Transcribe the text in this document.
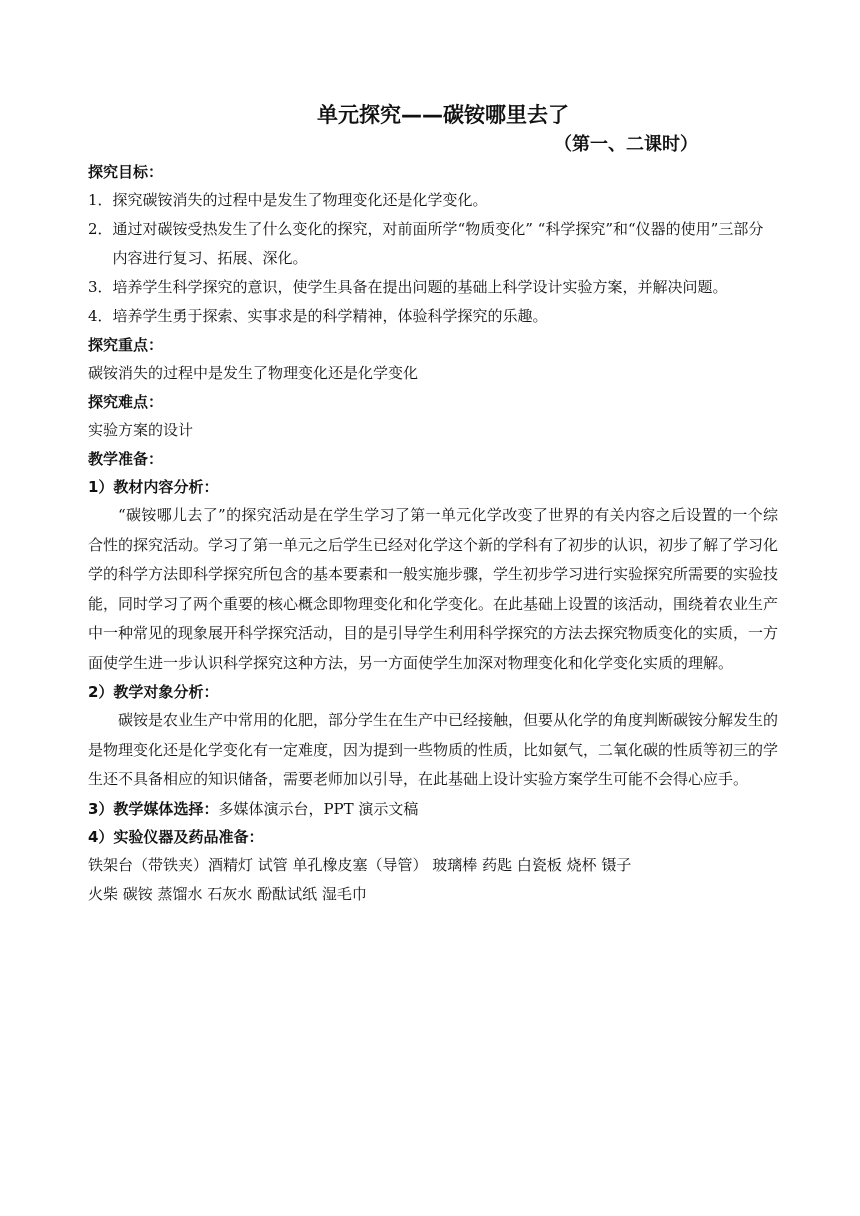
单元探究——碳铵哪里去了
（第一、二课时）
探究目标：
1． 探究碳铵消失的过程中是发生了物理变化还是化学变化。
2． 通过对碳铵受热发生了什么变化的探究，对前面所学“物质变化” “科学探究”和“仪器的使用”三部分内容进行复习、拓展、深化。
3． 培养学生科学探究的意识，使学生具备在提出问题的基础上科学设计实验方案，并解决问题。
4． 培养学生勇于探索、实事求是的科学精神，体验科学探究的乐趣。
探究重点：

碳铵消失的过程中是发生了物理变化还是化学变化

探究难点：

实验方案的设计

教学准备：
1）教材内容分析：

“碳铵哪儿去了”的探究活动是在学生学习了第一单元化学改变了世界的有关内容之后设置的一个综合性的探究活动。学习了第一单元之后学生已经对化学这个新的学科有了初步的认识，初步了解了学习化学的科学方法即科学探究所包含的基本要素和一般实施步骤，学生初步学习进行实验探究所需要的实验技能，同时学习了两个重要的核心概念即物理变化和化学变化。在此基础上设置的该活动，围绕着农业生产中一种常见的现象展开科学探究活动，目的是引导学生利用科学探究的方法去探究物质变化的实质，一方面使学生进一步认识科学探究这种方法，另一方面使学生加深对物理变化和化学变化实质的理解。

2）教学对象分析：

碳铵是农业生产中常用的化肥，部分学生在生产中已经接触，但要从化学的角度判断碳铵分解发生的是物理变化还是化学变化有一定难度，因为提到一些物质的性质，比如氨气，二氧化碳的性质等初三的学生还不具备相应的知识储备，需要老师加以引导，在此基础上设计实验方案学生可能不会得心应手。

3）教学媒体选择：多媒体演示台，PPT 演示文稿

4）实验仪器及药品准备：

铁架台（带铁夹）酒精灯 试管 单孔橡皮塞（导管） 玻璃棒 药匙 白瓷板 烧杯 镊子

火柴 碳铵 蒸馏水 石灰水 酚酞试纸 湿毛巾
